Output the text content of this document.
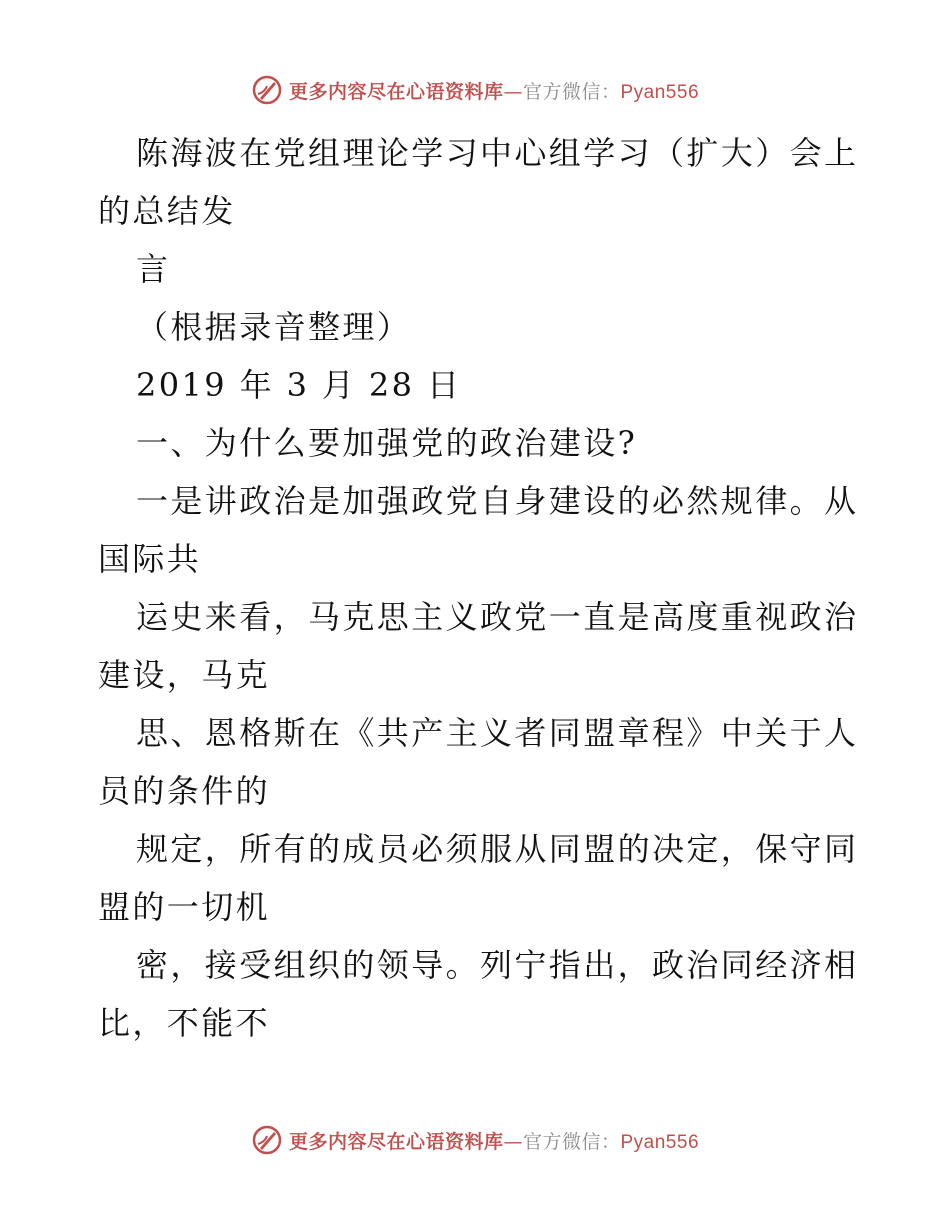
更多内容尽在心语资料库—官方微信：Pyan556
陈海波在党组理论学习中心组学习（扩大）会上
的总结发
言
（根据录音整理）
2019 年 3 月 28 日
一、为什么要加强党的政治建设?
一是讲政治是加强政党自身建设的必然规律。从
国际共
运史来看，马克思主义政党一直是高度重视政治
建设，马克
思、恩格斯在《共产主义者同盟章程》中关于人
员的条件的
规定，所有的成员必须服从同盟的决定，保守同
盟的一切机
密，接受组织的领导。列宁指出，政治同经济相
比，不能不
更多内容尽在心语资料库—官方微信：Pyan556
